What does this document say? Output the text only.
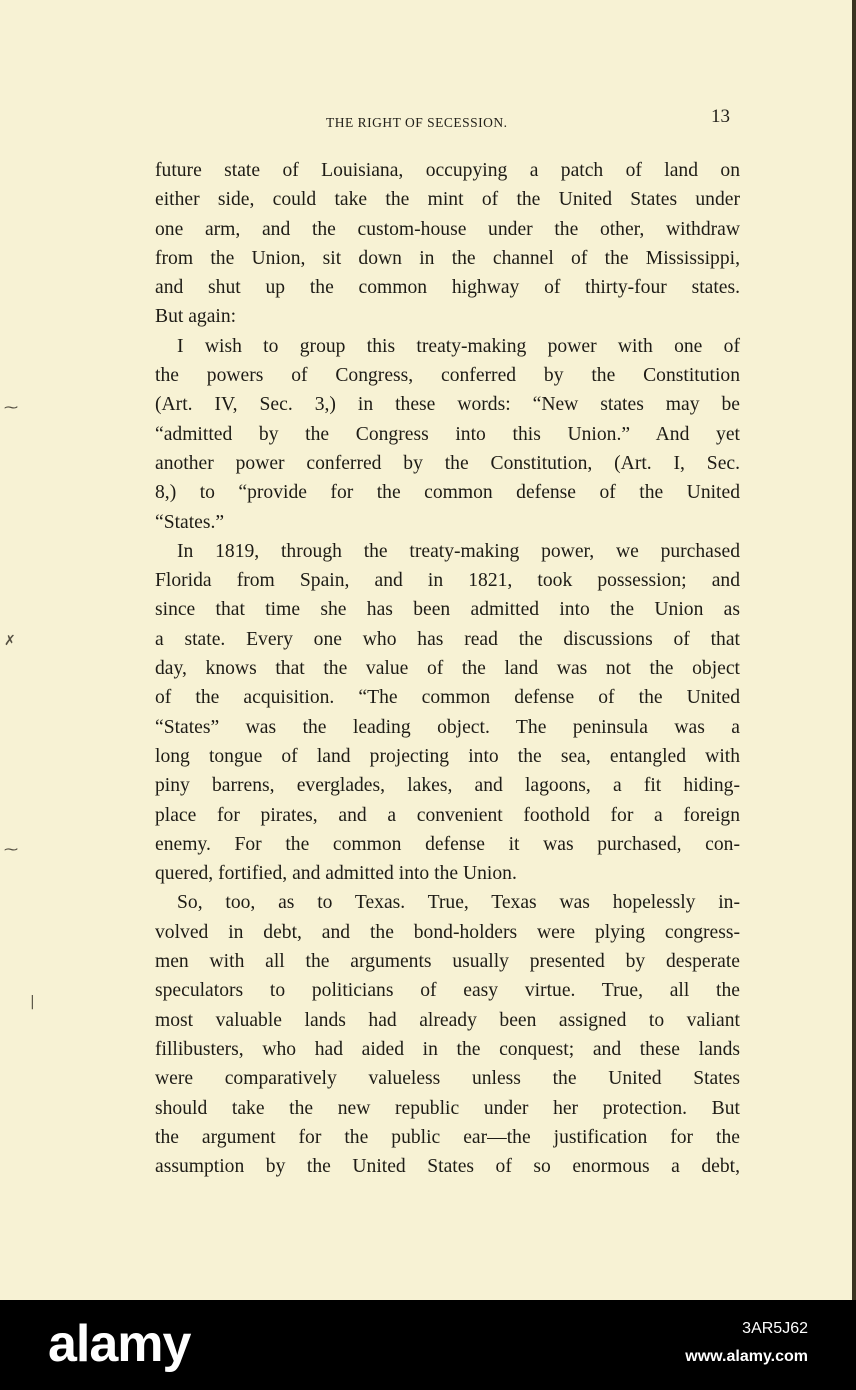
THE RIGHT OF SECESSION.	13
⁓
✗
⁓
|
future state of Louisiana, occupying a patch of land on
either side, could take the mint of the United States under
one arm, and the custom-house under the other, withdraw
from the Union, sit down in the channel of the Mississippi,
and shut up the common highway of thirty-four states.
But again:
I wish to group this treaty-making power with one of
the powers of Congress, conferred by the Constitution
(Art. IV, Sec. 3,) in these words: “New states may be
“admitted by the Congress into this Union.” And yet
another power conferred by the Constitution, (Art. I, Sec.
8,) to “provide for the common defense of the United
“States.”
In 1819, through the treaty-making power, we purchased
Florida from Spain, and in 1821, took possession; and
since that time she has been admitted into the Union as
a state. Every one who has read the discussions of that
day, knows that the value of the land was not the object
of the acquisition. “The common defense of the United
“States” was the leading object. The peninsula was a
long tongue of land projecting into the sea, entangled with
piny barrens, everglades, lakes, and lagoons, a fit hiding-
place for pirates, and a convenient foothold for a foreign
enemy. For the common defense it was purchased, con-
quered, fortified, and admitted into the Union.
So, too, as to Texas. True, Texas was hopelessly in-
volved in debt, and the bond-holders were plying congress-
men with all the arguments usually presented by desperate
speculators to politicians of easy virtue. True, all the
most valuable lands had already been assigned to valiant
fillibusters, who had aided in the conquest; and these lands
were comparatively valueless unless the United States
should take the new republic under her protection. But
the argument for the public ear—the justification for the
assumption by the United States of so enormous a debt,
alamy	3AR5J62
www.alamy.com
